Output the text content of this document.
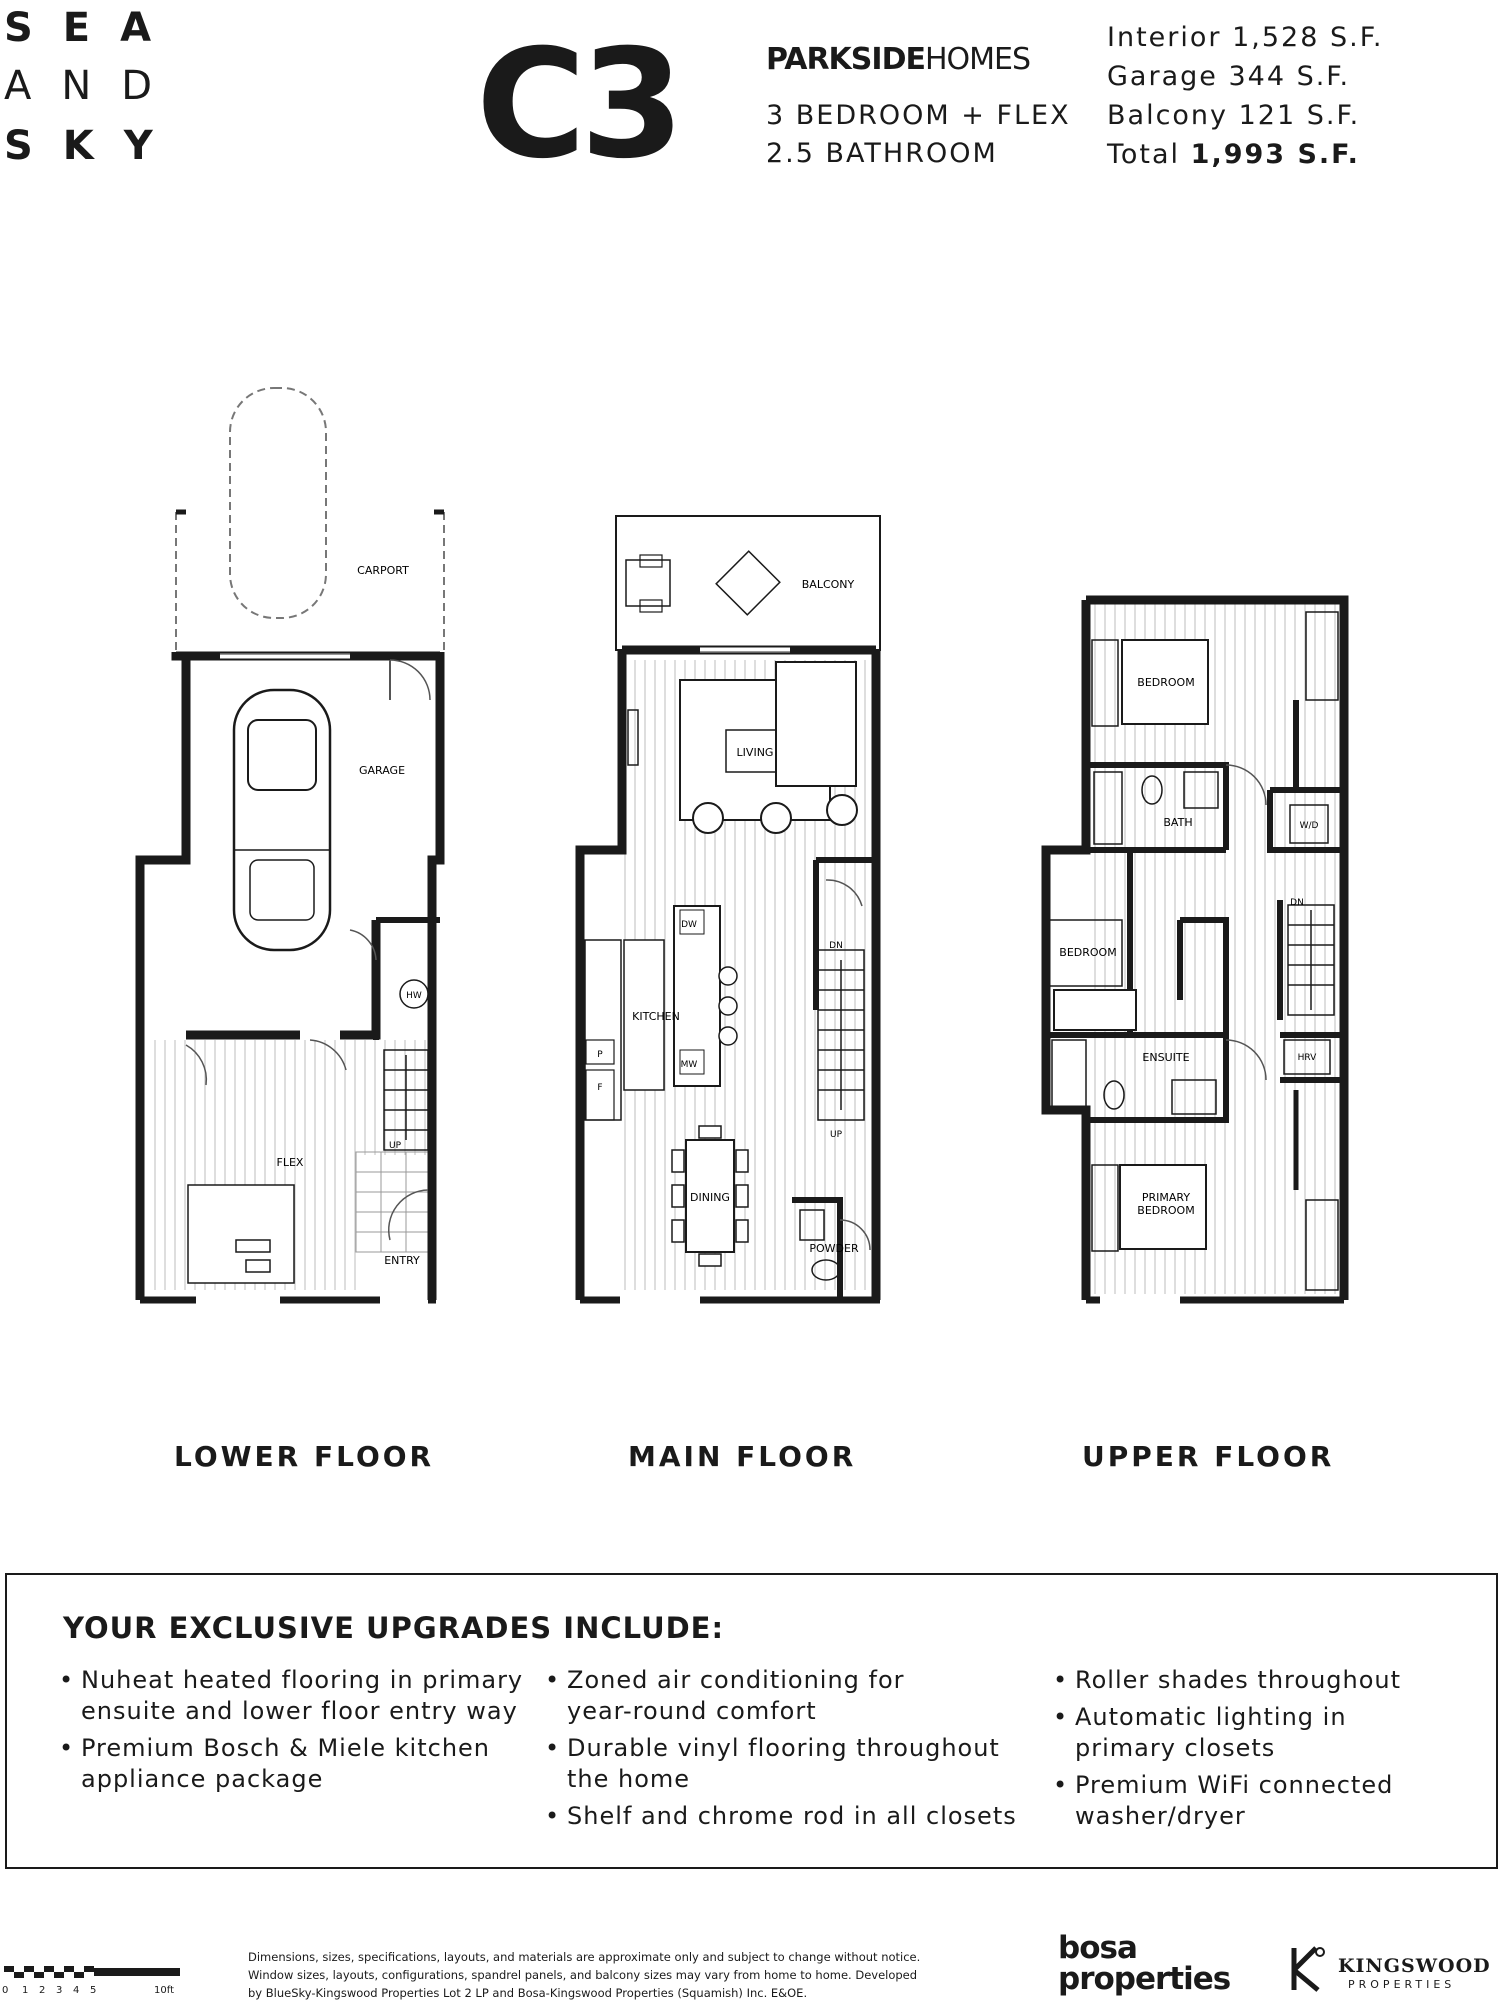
SEA
AND
SKY C3	PARKSIDEHOMES
3 BEDROOM + FLEX
2.5 BATHROOM
Interior 1,528 S.F.
Garage 344 S.F.
Balcony 121 S.F.
Total 1,993 S.F.
CARPORT
GARAGE
HW
FLEX
UP
ENTRY
BALCONY
LIVING
DW
DN
KITCHEN
P
F
MW
DINING
UP
POWDER
BEDROOM
BATH	W/D
BEDROOM
DN
ENSUITE	HRV
PRIMARY
BEDROOM
LOWER FLOOR	MAIN FLOOR	UPPER FLOOR
YOUR EXCLUSIVE UPGRADES INCLUDE:
• Nuheat heated flooring in primary
ensuite and lower floor entry way
• Premium Bosch & Miele kitchen
appliance package
• Zoned air conditioning for
year-round comfort
• Durable vinyl flooring throughout
the home
• Shelf and chrome rod in all closets
• Roller shades throughout
• Automatic lighting in
primary closets
• Premium WiFi connected
washer/dryer
0 1 2 3 4 5	10ft
Dimensions, sizes, specifications, layouts, and materials are approximate only and subject to change without notice.
Window sizes, layouts, configurations, spandrel panels, and balcony sizes may vary from home to home. Developed
by BlueSky-Kingswood Properties Lot 2 LP and Bosa-Kingswood Properties (Squamish) Inc. E&OE.
bosa
properties	KINGSWOOD
PROPERTIES
